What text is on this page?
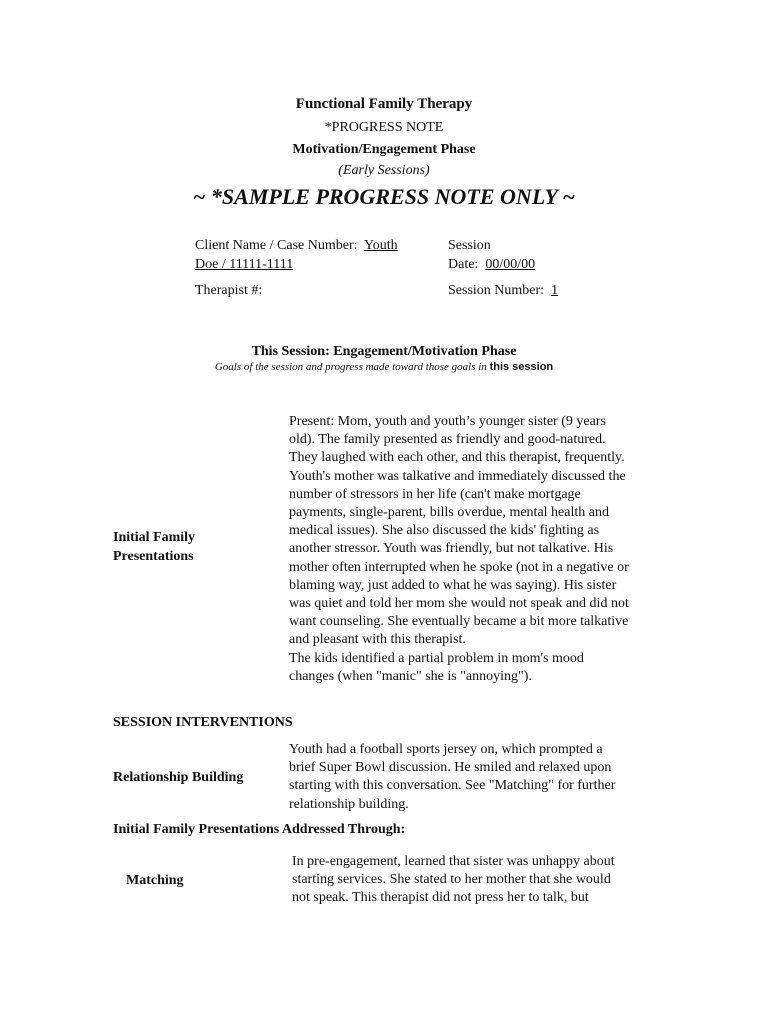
Functional Family Therapy
*PROGRESS NOTE
Motivation/Engagement Phase
(Early Sessions)
~ *SAMPLE PROGRESS NOTE ONLY ~
Client Name / Case Number: Youth
Doe / 11111-1111
Session
Date: 00/00/00
Therapist #:	Session Number: 1
This Session: Engagement/Motivation Phase
Goals of the session and progress made toward those goals in this session
Initial Family
Presentations
Present: Mom, youth and youth’s younger sister (9 years
old). The family presented as friendly and good-natured.
They laughed with each other, and this therapist, frequently.
Youth's mother was talkative and immediately discussed the
number of stressors in her life (can't make mortgage
payments, single-parent, bills overdue, mental health and
medical issues). She also discussed the kids' fighting as
another stressor. Youth was friendly, but not talkative. His
mother often interrupted when he spoke (not in a negative or
blaming way, just added to what he was saying). His sister
was quiet and told her mom she would not speak and did not
want counseling. She eventually became a bit more talkative
and pleasant with this therapist.
The kids identified a partial problem in mom's mood
changes (when "manic" she is "annoying").
SESSION INTERVENTIONS
Relationship Building
Youth had a football sports jersey on, which prompted a
brief Super Bowl discussion. He smiled and relaxed upon
starting with this conversation. See "Matching" for further
relationship building.
Initial Family Presentations Addressed Through:
Matching
In pre-engagement, learned that sister was unhappy about
starting services. She stated to her mother that she would
not speak. This therapist did not press her to talk, but
